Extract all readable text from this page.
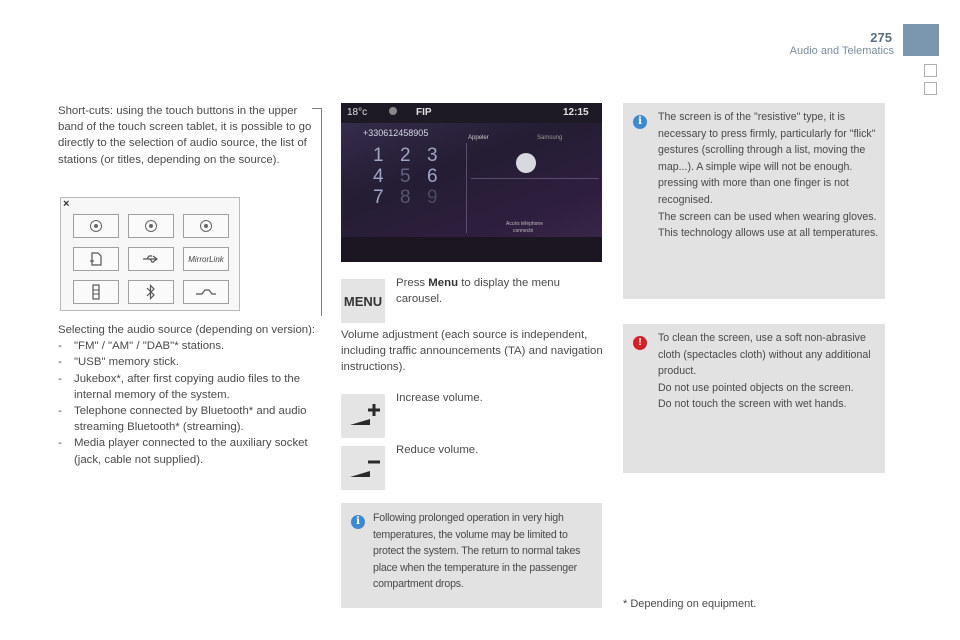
275
Audio and Telematics
Short-cuts: using the touch buttons in the upper band of the touch screen tablet, it is possible to go directly to the selection of audio source, the list of stations (or titles, depending on the source).
MirrorLink
×
Selecting the audio source (depending on version):
- "FM" / "AM" / "DAB"* stations.
- "USB" memory stick.
- Jukebox*, after first copying audio files to the internal memory of the system.
- Telephone connected by Bluetooth* and audio streaming Bluetooth* (streaming).
- Media player connected to the auxiliary socket (jack, cable not supplied).
18°c	FIP	12:15
+330612458905	Appeler	Samsung
1 2 3
4 5 6
7 8 9
Accès téléphone
connecté
MENU
Press Menu to display the menu carousel.
Volume adjustment (each source is independent, including traffic announcements (TA) and navigation instructions).
Increase volume.
Reduce volume.
i	Following prolonged operation in very high temperatures, the volume may be limited to protect the system. The return to normal takes place when the temperature in the passenger compartment drops.
i	The screen is of the "resistive" type, it is necessary to press firmly, particularly for "flick" gestures (scrolling through a list, moving the map...). A simple wipe will not be enough. pressing with more than one finger is not recognised.
The screen can be used when wearing gloves. This technology allows use at all temperatures.
!	To clean the screen, use a soft non-abrasive cloth (spectacles cloth) without any additional product.
Do not use pointed objects on the screen.
Do not touch the screen with wet hands.
* Depending on equipment.
